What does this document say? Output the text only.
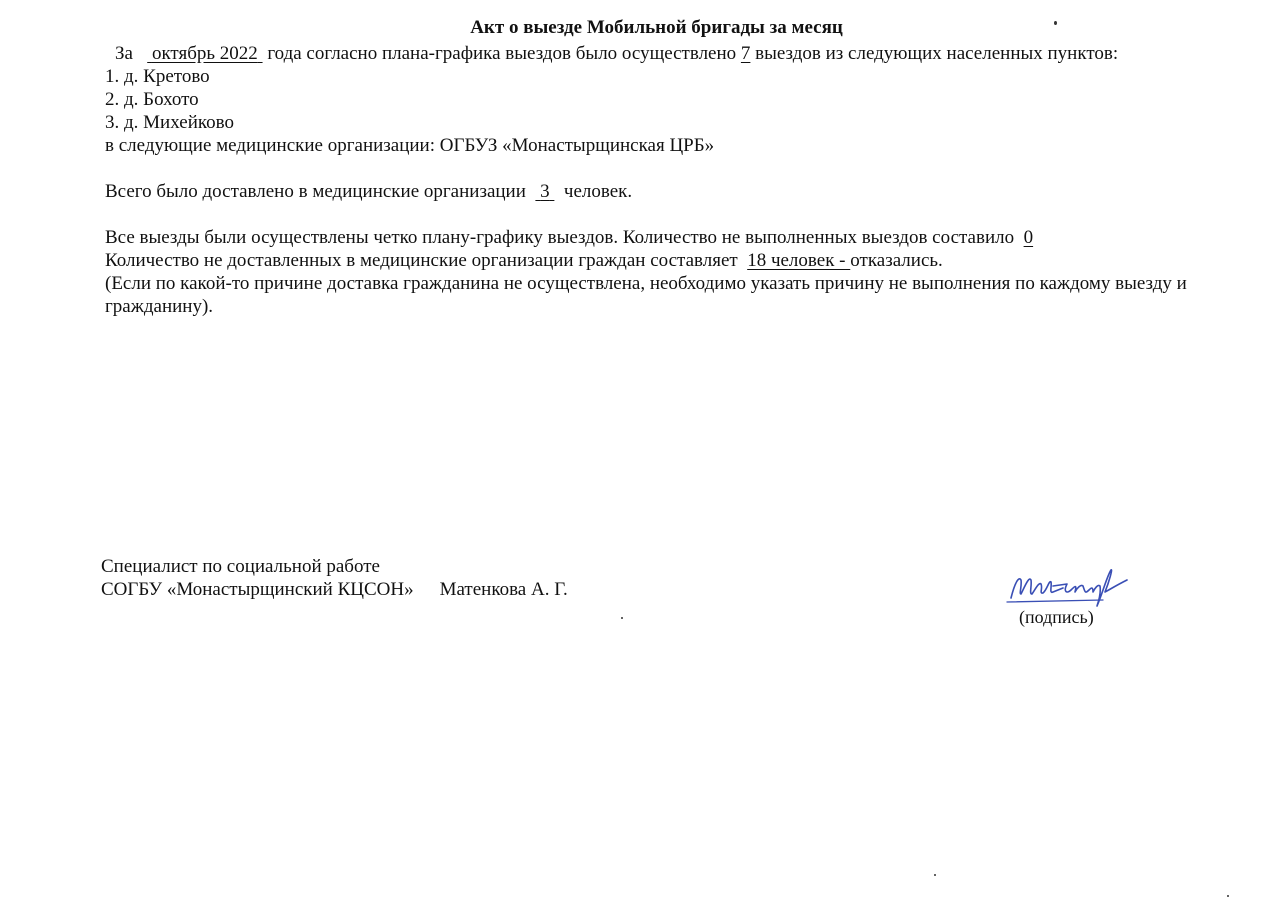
Акт о выезде Мобильной бригады за месяц

За октябрь 2022 года согласно плана-графика выездов было осуществлено 7 выездов из следующих населенных пунктов:

1. д. Кретово
2. д. Бохото
3. д. Михейково

в следующие медицинские организации: ОГБУЗ «Монастырщинская ЦРБ»

Всего было доставлено в медицинские организации 3 человек.

Все выезды были осуществлены четко плану-графику выездов. Количество не выполненных выездов составило 0

Количество не доставленных в медицинские организации граждан составляет 18 человек - отказались.

(Если по какой-то причине доставка гражданина не осуществлена, необходимо указать причину не выполнения по каждому выезду и гражданину).

Специалист по социальной работе
СОГБУ «Монастырщинский КЦСОН» Матенкова А. Г.
(подпись)
